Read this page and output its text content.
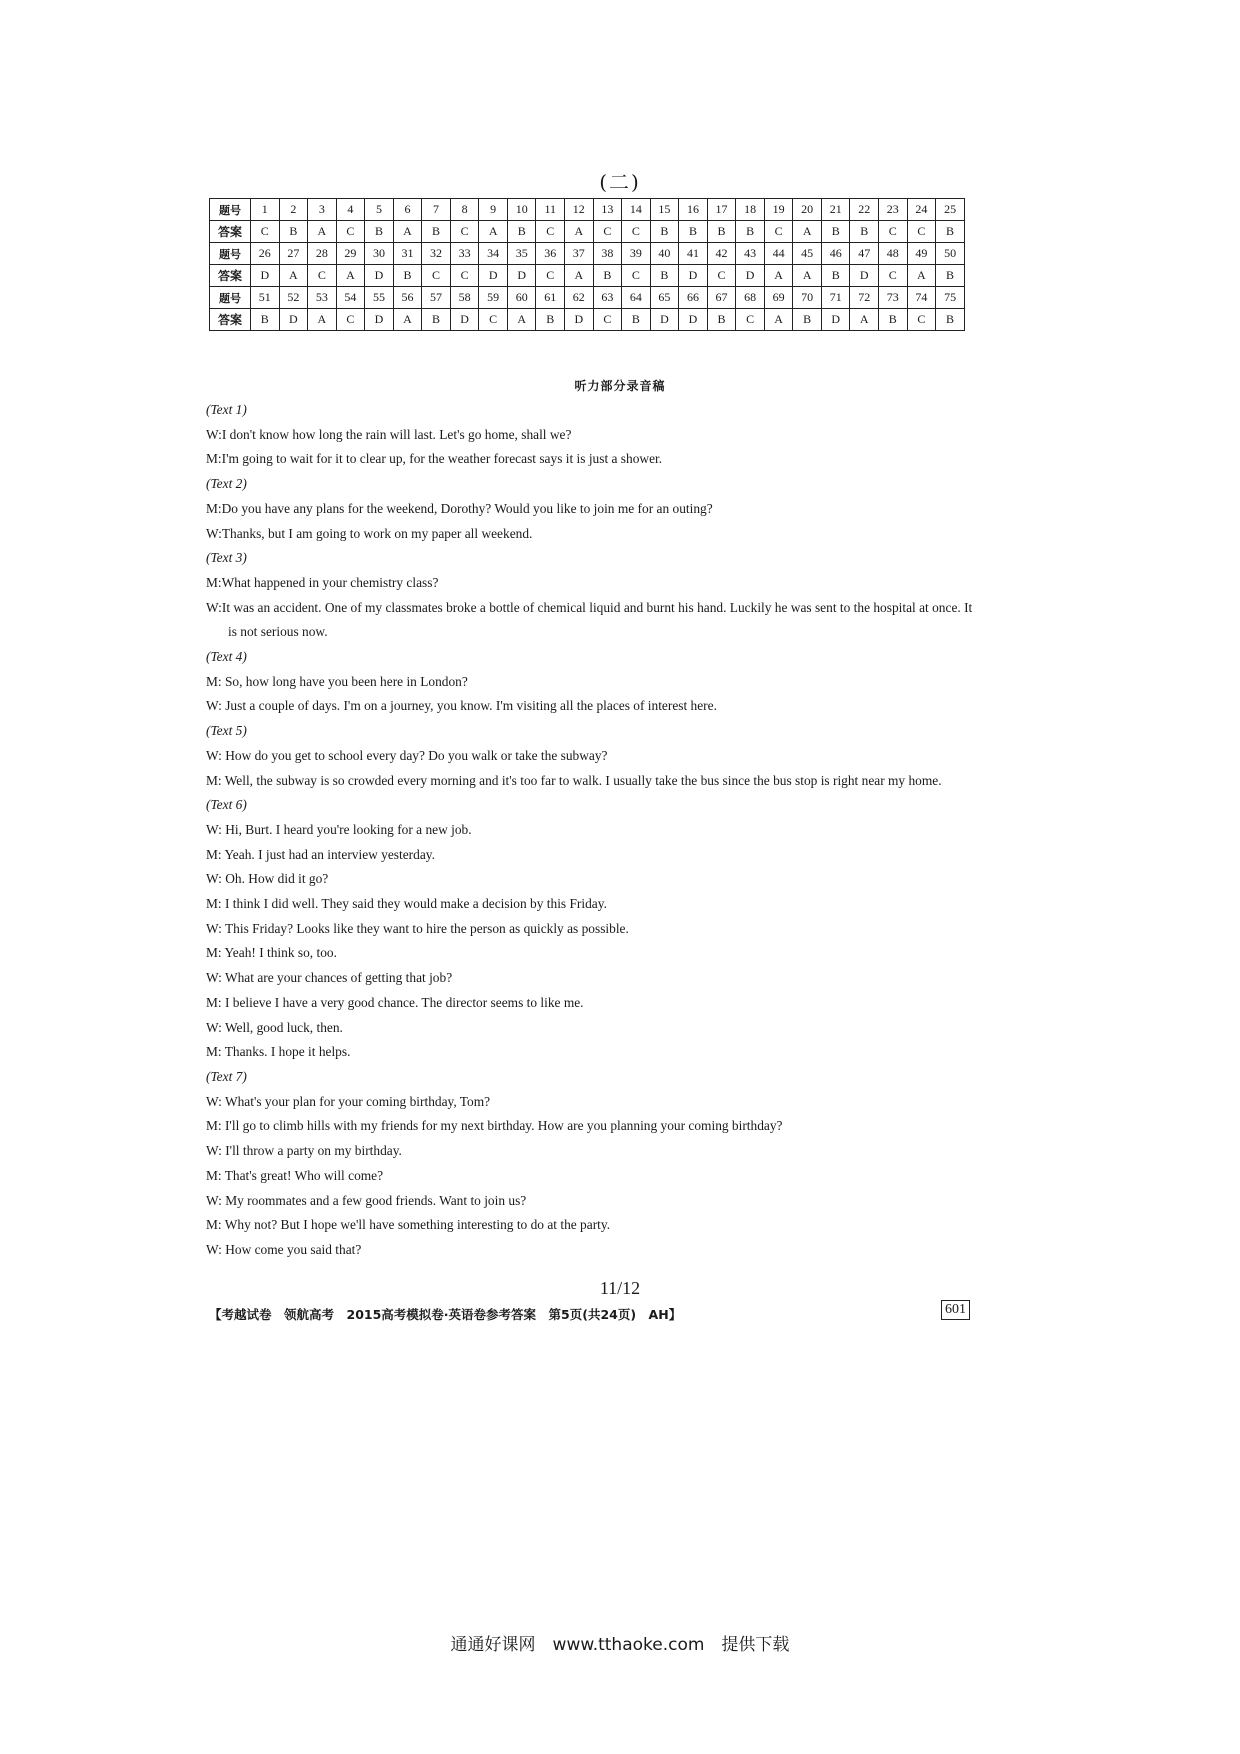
(二)
题号	1	2	3	4	5	6	7	8	9	10	11	12	13	14	15	16	17	18	19	20	21	22	23	24	25
答案	C	B	A	C	B	A	B	C	A	B	C	A	C	C	B	B	B	B	C	A	B	B	C	C	B
题号	26	27	28	29	30	31	32	33	34	35	36	37	38	39	40	41	42	43	44	45	46	47	48	49	50
答案	D	A	C	A	D	B	C	C	D	D	C	A	B	C	B	D	C	D	A	A	B	D	C	A	B
题号	51	52	53	54	55	56	57	58	59	60	61	62	63	64	65	66	67	68	69	70	71	72	73	74	75
答案	B	D	A	C	D	A	B	D	C	A	B	D	C	B	D	D	B	C	A	B	D	A	B	C	B
听力部分录音稿
(Text 1)
W:I don't know how long the rain will last. Let's go home, shall we?
M:I'm going to wait for it to clear up, for the weather forecast says it is just a shower.
(Text 2)
M:Do you have any plans for the weekend, Dorothy? Would you like to join me for an outing?
W:Thanks, but I am going to work on my paper all weekend.
(Text 3)
M:What happened in your chemistry class?
W:It was an accident. One of my classmates broke a bottle of chemical liquid and burnt his hand. Luckily he was sent to the hospital at once. It is not serious now.
(Text 4)
M: So, how long have you been here in London?
W: Just a couple of days. I'm on a journey, you know. I'm visiting all the places of interest here.
(Text 5)
W: How do you get to school every day? Do you walk or take the subway?
M: Well, the subway is so crowded every morning and it's too far to walk. I usually take the bus since the bus stop is right near my home.
(Text 6)
W: Hi, Burt. I heard you're looking for a new job.
M: Yeah. I just had an interview yesterday.
W: Oh. How did it go?
M: I think I did well. They said they would make a decision by this Friday.
W: This Friday? Looks like they want to hire the person as quickly as possible.
M: Yeah! I think so, too.
W: What are your chances of getting that job?
M: I believe I have a very good chance. The director seems to like me.
W: Well, good luck, then.
M: Thanks. I hope it helps.
(Text 7)
W: What's your plan for your coming birthday, Tom?
M: I'll go to climb hills with my friends for my next birthday. How are you planning your coming birthday?
W: I'll throw a party on my birthday.
M: That's great! Who will come?
W: My roommates and a few good friends. Want to join us?
M: Why not? But I hope we'll have something interesting to do at the party.
W: How come you said that?
11/12
【考越试卷　领航高考　2015高考模拟卷·英语卷参考答案　第5页(共24页)　AH】	601
通通好课网　www.tthaoke.com　提供下载
